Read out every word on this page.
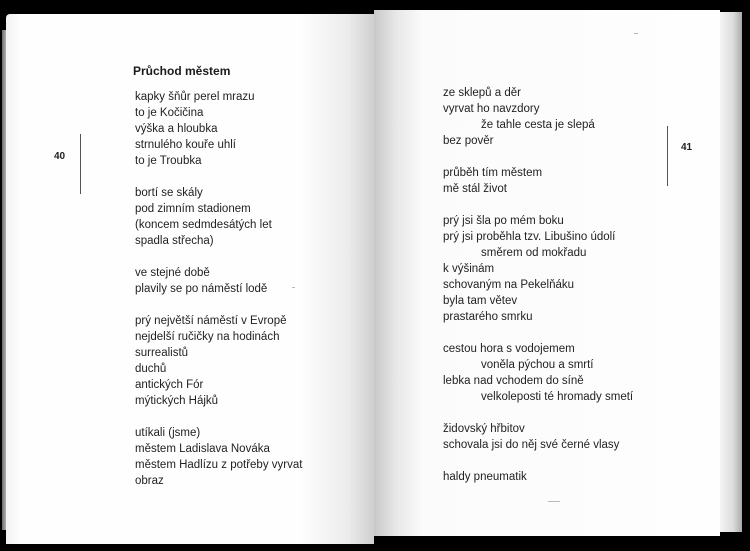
40
Průchod městem
kapky šňůr perel mrazu
to je Kočičina
výška a hloubka
strnulého kouře uhlí
to je Troubka
bortí se skály
pod zimním stadionem
(koncem sedmdesátých let
spadla střecha)
ve stejné době
plavily se po náměstí lodě
prý největší náměstí v Evropě
nejdelší ručičky na hodinách
surrealistů
duchů
antických Fór
mýtických Hájků
utíkali (jsme)
městem Ladislava Nováka
městem Hadlízu z potřeby vyrvat
obraz
ze sklepů a děr
vyrvat ho navzdory
že tahle cesta je slepá
bez pověr
průběh tím městem
mě stál život
prý jsi šla po mém boku
prý jsi proběhla tzv. Libušino údolí
směrem od mokřadu
k výšinám
schovaným na Pekelňáku
byla tam větev
prastarého smrku
cestou hora s vodojemem
voněla pýchou a smrtí
lebka nad vchodem do síně
velkoleposti té hromady smetí
židovský hřbitov
schovala jsi do něj své černé vlasy
haldy pneumatik
41
